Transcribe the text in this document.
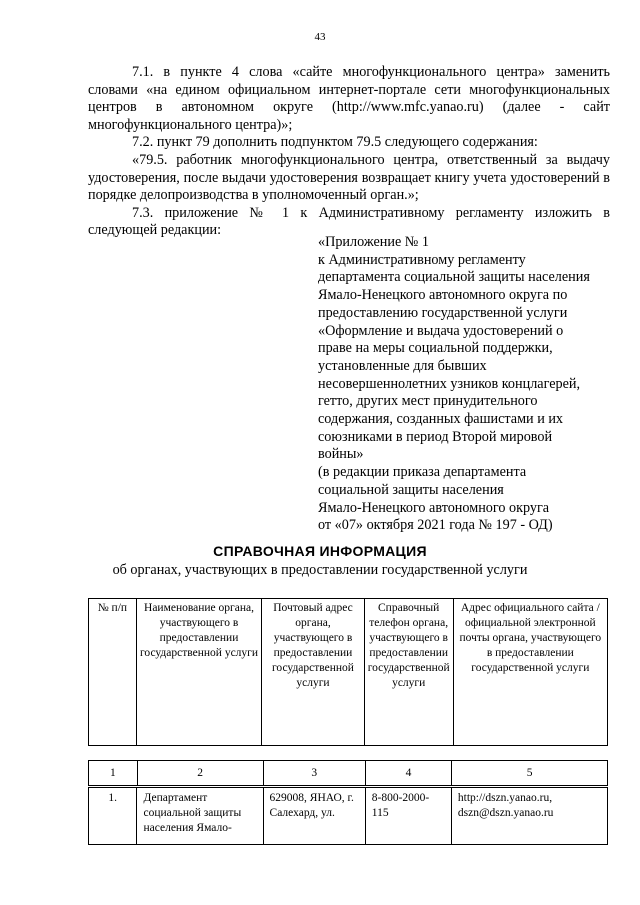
43

7.1. в пункте 4 слова «сайте многофункционального центра» заменить словами «на едином официальном интернет-портале сети многофункциональных центров в автономном округе (http://www.mfc.yanao.ru) (далее - сайт многофункционального центра)»;

7.2. пункт 79 дополнить подпунктом 79.5 следующего содержания:

«79.5. работник многофункционального центра, ответственный за выдачу удостоверения, после выдачи удостоверения возвращает книгу учета удостоверений в порядке делопроизводства в уполномоченный орган.»;

7.3. приложение № 1 к Административному регламенту изложить в следующей редакции:

«Приложение № 1
к Административному регламенту
департамента социальной защиты населения
Ямало-Ненецкого автономного округа по
предоставлению государственной услуги
«Оформление и выдача удостоверений о
праве на меры социальной поддержки,
установленные для бывших
несовершеннолетних узников концлагерей,
гетто, других мест принудительного
содержания, созданных фашистами и их
союзниками в период Второй мировой
войны»
(в редакции приказа департамента
социальной защиты населения
Ямало-Ненецкого автономного округа
от «07» октября 2021 года № 197 - ОД)
СПРАВОЧНАЯ ИНФОРМАЦИЯ
об органах, участвующих в предоставлении государственной услуги
№ п/п	Наименование органа, участвующего в предоставлении государственной услуги	Почтовый адрес органа, участвующего в предоставлении государственной услуги	Справочный телефон органа, участвующего в предоставлении государственной услуги	Адрес официального сайта /официальной электронной почты органа, участвующего в предоставлении государственной услуги
1	2	3	4	5
1.	Департамент социальной защиты населения Ямало-	629008, ЯНАО, г. Салехард, ул.	8-800-2000-115	http://dszn.yanao.ru, dszn@dszn.yanao.ru
